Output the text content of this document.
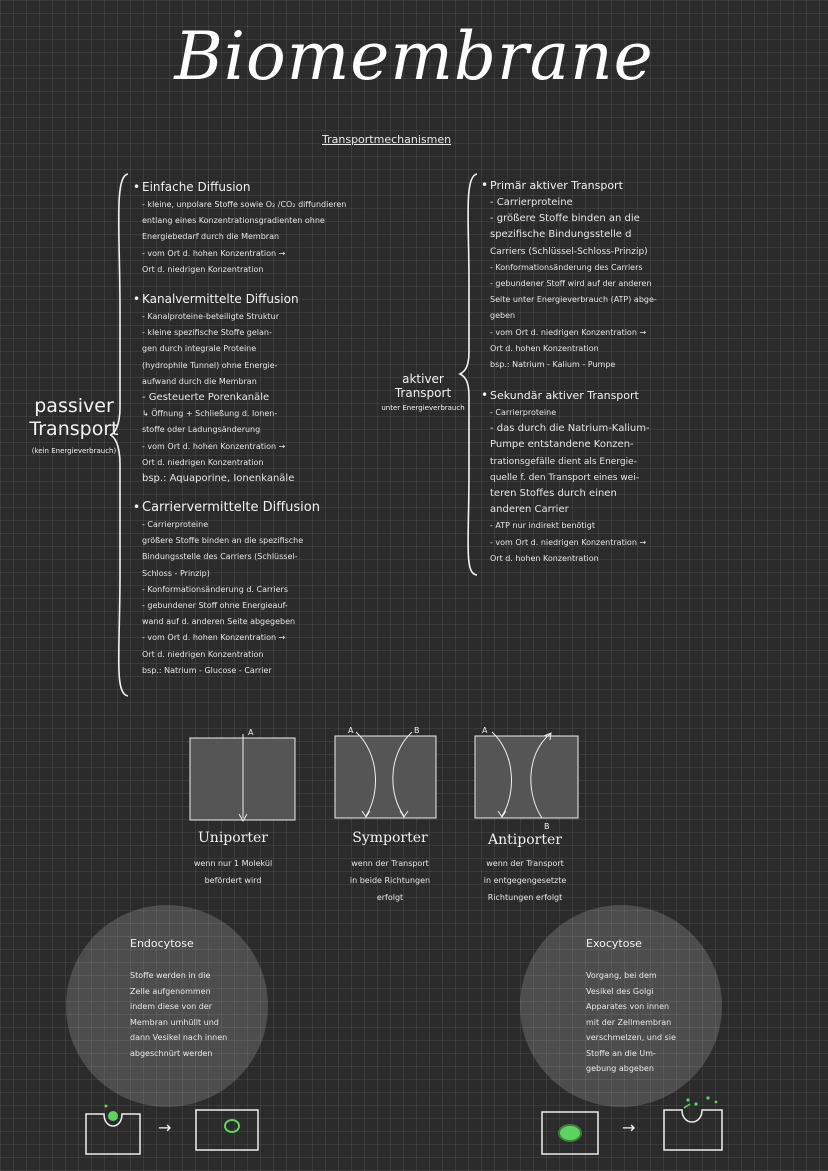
Biomembrane
Transportmechanismen
passiver
Transport
(kein Energieverbrauch)
• Einfache Diffusion
- kleine, unpolare Stoffe sowie O₂ /CO₂ diffundieren
entlang eines Konzentrationsgradienten ohne
Energiebedarf durch die Membran
- vom Ort d. hohen Konzentration →
Ort d. niedrigen Konzentration
• Kanalvermittelte Diffusion
- Kanalproteine-beteiligte Struktur
- kleine spezifische Stoffe gelan-
gen durch integrale Proteine
(hydrophile Tunnel) ohne Energie-
aufwand durch die Membran
- Gesteuerte Porenkanäle
↳ Öffnung + Schließung d. Ionen-
stoffe oder Ladungsänderung
- vom Ort d. hohen Konzentration →
Ort d. niedrigen Konzentration
bsp.: Aquaporine, Ionenkanäle
• Carriervermittelte Diffusion
- Carrierproteine
größere Stoffe binden an die spezifische
Bindungsstelle des Carriers (Schlüssel-
Schloss - Prinzip)
- Konformationsänderung d. Carriers
- gebundener Stoff ohne Energieauf-
wand auf d. anderen Seite abgegeben
- vom Ort d. hohen Konzentration →
Ort d. niedrigen Konzentration
bsp.: Natrium - Glucose - Carrier
aktiver
Transport
unter Energieverbrauch
• Primär aktiver Transport
- Carrierproteine
- größere Stoffe binden an die
spezifische Bindungsstelle d
Carriers (Schlüssel-Schloss-Prinzip)
- Konformationsänderung des Carriers
- gebundener Stoff wird auf der anderen
Seite unter Energieverbrauch (ATP) abge-
geben
- vom Ort d. niedrigen Konzentration →
Ort d. hohen Konzentration
bsp.: Natrium - Kalium - Pumpe
• Sekundär aktiver Transport
- Carrierproteine
- das durch die Natrium-Kalium-
Pumpe entstandene Konzen-
trationsgefälle dient als Energie-
quelle f. den Transport eines wei-
teren Stoffes durch einen
anderen Carrier
- ATP nur indirekt benötigt
- vom Ort d. niedrigen Konzentration →
Ort d. hohen Konzentration
A
Uniporter
wenn nur 1 Molekül
befördert wird
A	B
Symporter
wenn der Transport
in beide Richtungen
erfolgt
A
B
Antiporter
wenn der Transport
in entgegengesetzte
Richtungen erfolgt
Endocytose
Stoffe werden in die
Zelle aufgenommen
indem diese von der
Membran umhüllt und
dann Vesikel nach innen
abgeschnürt werden
Exocytose
Vorgang, bei dem
Vesikel des Golgi
Apparates von innen
mit der Zellmembran
verschmelzen, und sie
Stoffe an die Um-
gebung abgeben
→	→
